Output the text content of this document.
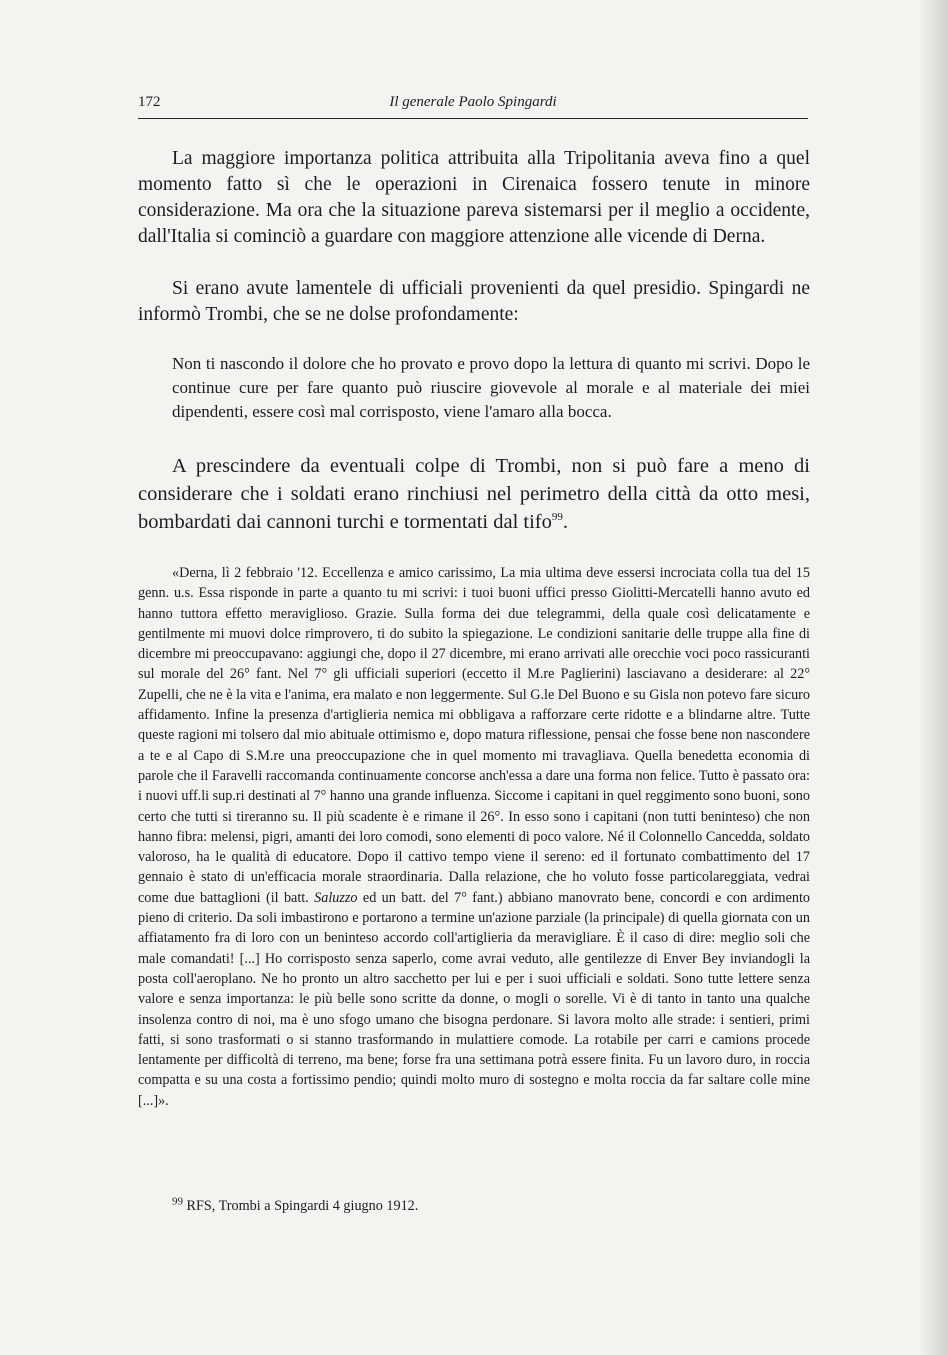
172	Il generale Paolo Spingardi

La maggiore importanza politica attribuita alla Tripolitania aveva fino a quel momento fatto sì che le operazioni in Cirenaica fossero tenute in minore considerazione. Ma ora che la situazione pareva sistemarsi per il meglio a occidente, dall'Italia si cominciò a guardare con maggiore attenzione alle vicende di Derna.

Si erano avute lamentele di ufficiali provenienti da quel presidio. Spingardi ne informò Trombi, che se ne dolse profondamente:

Non ti nascondo il dolore che ho provato e provo dopo la lettura di quanto mi scrivi. Dopo le continue cure per fare quanto può riuscire giovevole al morale e al materiale dei miei dipendenti, essere così mal corrisposto, viene l'amaro alla bocca.

A prescindere da eventuali colpe di Trombi, non si può fare a meno di considerare che i soldati erano rinchiusi nel perimetro della città da otto mesi, bombardati dai cannoni turchi e tormentati dal tifo$^{99}$.

«Derna, lì 2 febbraio '12. Eccellenza e amico carissimo, La mia ultima deve essersi incrociata colla tua del 15 genn. u.s. Essa risponde in parte a quanto tu mi scrivi: i tuoi buoni uffici presso Giolitti-Mercatelli hanno avuto ed hanno tuttora effetto meraviglioso. Grazie. Sulla forma dei due telegrammi, della quale così delicatamente e gentilmente mi muovi dolce rimprovero, ti do subito la spiegazione. Le condizioni sanitarie delle truppe alla fine di dicembre mi preoccupavano: aggiungi che, dopo il 27 dicembre, mi erano arrivati alle orecchie voci poco rassicuranti sul morale del 26° fant. Nel 7° gli ufficiali superiori (eccetto il M.re Paglierini) lasciavano a desiderare: al 22° Zupelli, che ne è la vita e l'anima, era malato e non leggermente. Sul G.le Del Buono e su Gisla non potevo fare sicuro affidamento. Infine la presenza d'artiglieria nemica mi obbligava a rafforzare certe ridotte e a blindarne altre. Tutte queste ragioni mi tolsero dal mio abituale ottimismo e, dopo matura riflessione, pensai che fosse bene non nascondere a te e al Capo di S.M.re una preoccupazione che in quel momento mi travagliava. Quella benedetta economia di parole che il Faravelli raccomanda continuamente concorse anch'essa a dare una forma non felice. Tutto è passato ora: i nuovi uff.li sup.ri destinati al 7° hanno una grande influenza. Siccome i capitani in quel reggimento sono buoni, sono certo che tutti si tireranno su. Il più scadente è e rimane il 26°. In esso sono i capitani (non tutti beninteso) che non hanno fibra: melensi, pigri, amanti dei loro comodi, sono elementi di poco valore. Né il Colonnello Cancedda, soldato valoroso, ha le qualità di educatore. Dopo il cattivo tempo viene il sereno: ed il fortunato combattimento del 17 gennaio è stato di un'efficacia morale straordinaria. Dalla relazione, che ho voluto fosse particolareggiata, vedrai come due battaglioni (il batt. Saluzzo ed un batt. del 7° fant.) abbiano manovrato bene, concordi e con ardimento pieno di criterio. Da soli imbastirono e portarono a termine un'azione parziale (la principale) di quella giornata con un affiatamento fra di loro con un beninteso accordo coll'artiglieria da meravigliare. È il caso di dire: meglio soli che male comandati! [...] Ho corrisposto senza saperlo, come avrai veduto, alle gentilezze di Enver Bey inviandogli la posta coll'aeroplano. Ne ho pronto un altro sacchetto per lui e per i suoi ufficiali e soldati. Sono tutte lettere senza valore e senza importanza: le più belle sono scritte da donne, o mogli o sorelle. Vi è di tanto in tanto una qualche insolenza contro di noi, ma è uno sfogo umano che bisogna perdonare. Si lavora molto alle strade: i sentieri, primi fatti, si sono trasformati o si stanno trasformando in mulattiere comode. La rotabile per carri e camions procede lentamente per difficoltà di terreno, ma bene; forse fra una settimana potrà essere finita. Fu un lavoro duro, in roccia compatta e su una costa a fortissimo pendio; quindi molto muro di sostegno e molta roccia da far saltare colle mine [...]».

$^{99}$ RFS, Trombi a Spingardi 4 giugno 1912.
